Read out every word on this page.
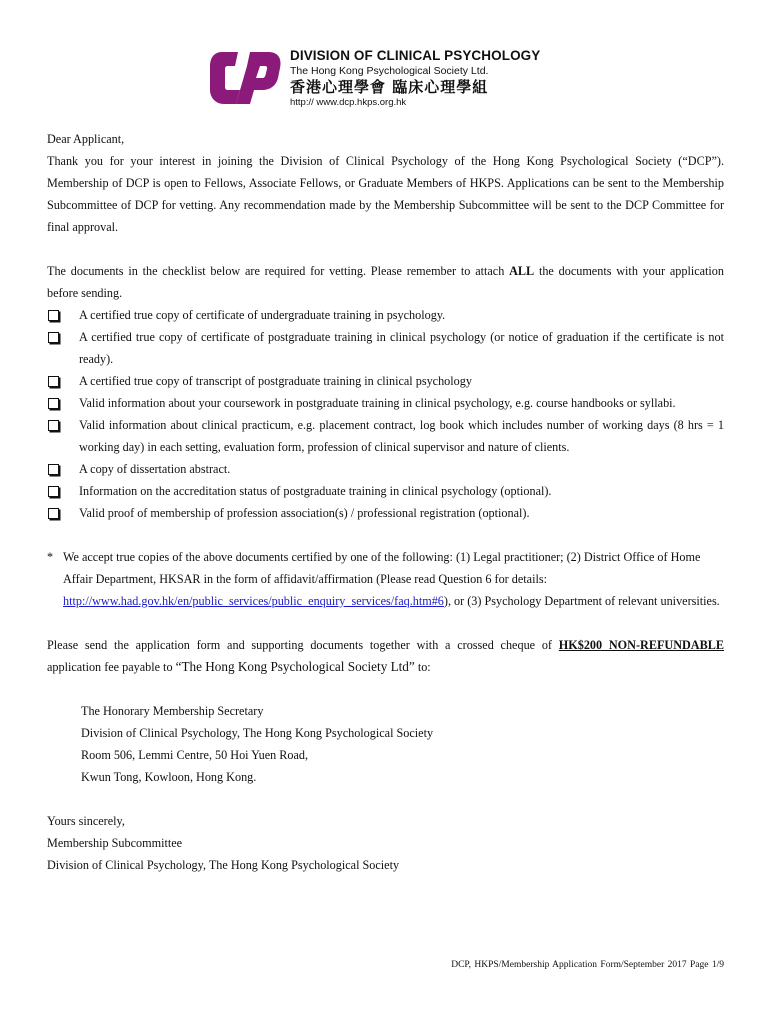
DIVISION OF CLINICAL PSYCHOLOGY
The Hong Kong Psychological Society Ltd.
香港心理學會 臨床心理學組
http:// www.dcp.hkps.org.hk

Dear Applicant,

Thank you for your interest in joining the Division of Clinical Psychology of the Hong Kong Psychological Society (“DCP”). Membership of DCP is open to Fellows, Associate Fellows, or Graduate Members of HKPS. Applications can be sent to the Membership Subcommittee of DCP for vetting. Any recommendation made by the Membership Subcommittee will be sent to the DCP Committee for final approval.

The documents in the checklist below are required for vetting. Please remember to attach ALL the documents with your application before sending.

A certified true copy of certificate of undergraduate training in psychology.
A certified true copy of certificate of postgraduate training in clinical psychology (or notice of graduation if the certificate is not ready).
A certified true copy of transcript of postgraduate training in clinical psychology
Valid information about your coursework in postgraduate training in clinical psychology, e.g. course handbooks or syllabi.
Valid information about clinical practicum, e.g. placement contract, log book which includes number of working days (8 hrs = 1 working day) in each setting, evaluation form, profession of clinical supervisor and nature of clients.
A copy of dissertation abstract.
Information on the accreditation status of postgraduate training in clinical psychology (optional).
Valid proof of membership of profession association(s) / professional registration (optional).
* We accept true copies of the above documents certified by one of the following: (1) Legal practitioner; (2) District Office of Home Affair Department, HKSAR in the form of affidavit/affirmation (Please read Question 6 for details: http://www.had.gov.hk/en/public_services/public_enquiry_services/faq.htm#6), or (3) Psychology Department of relevant universities.

Please send the application form and supporting documents together with a crossed cheque of HK$200 NON-REFUNDABLE application fee payable to “The Hong Kong Psychological Society Ltd” to:

The Honorary Membership Secretary

Division of Clinical Psychology, The Hong Kong Psychological Society

Room 506, Lemmi Centre, 50 Hoi Yuen Road,

Kwun Tong, Kowloon, Hong Kong.

Yours sincerely,

Membership Subcommittee

Division of Clinical Psychology, The Hong Kong Psychological Society

DCP, HKPS/Membership Application Form/September 2017 Page 1/9
